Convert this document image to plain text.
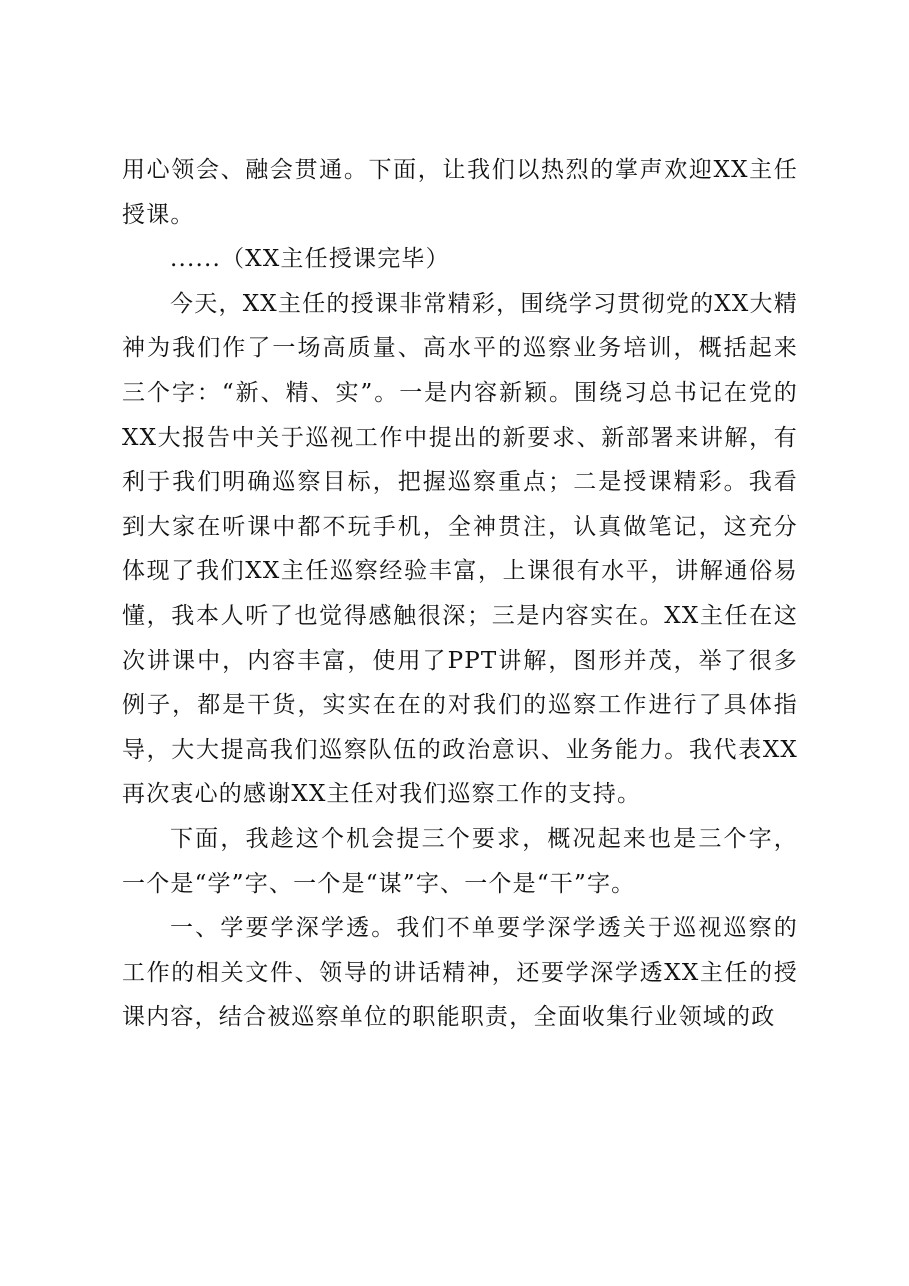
用心领会、融会贯通。下面，让我们以热烈的掌声欢迎XX主任授课。

......（XX主任授课完毕）

今天，XX主任的授课非常精彩，围绕学习贯彻党的XX大精神为我们作了一场高质量、高水平的巡察业务培训，概括起来三个字：“新、精、实”。一是内容新颖。围绕习总书记在党的XX大报告中关于巡视工作中提出的新要求、新部署来讲解，有利于我们明确巡察目标，把握巡察重点；二是授课精彩。我看到大家在听课中都不玩手机，全神贯注，认真做笔记，这充分体现了我们XX主任巡察经验丰富，上课很有水平，讲解通俗易懂，我本人听了也觉得感触很深；三是内容实在。XX主任在这次讲课中，内容丰富，使用了PPT讲解，图形并茂，举了很多例子，都是干货，实实在在的对我们的巡察工作进行了具体指导，大大提高我们巡察队伍的政治意识、业务能力。我代表XX再次衷心的感谢XX主任对我们巡察工作的支持。

下面，我趁这个机会提三个要求，概况起来也是三个字，一个是“学”字、一个是“谋”字、一个是“干”字。

一、学要学深学透。我们不单要学深学透关于巡视巡察的工作的相关文件、领导的讲话精神，还要学深学透XX主任的授课内容，结合被巡察单位的职能职责，全面收集行业领域的政
